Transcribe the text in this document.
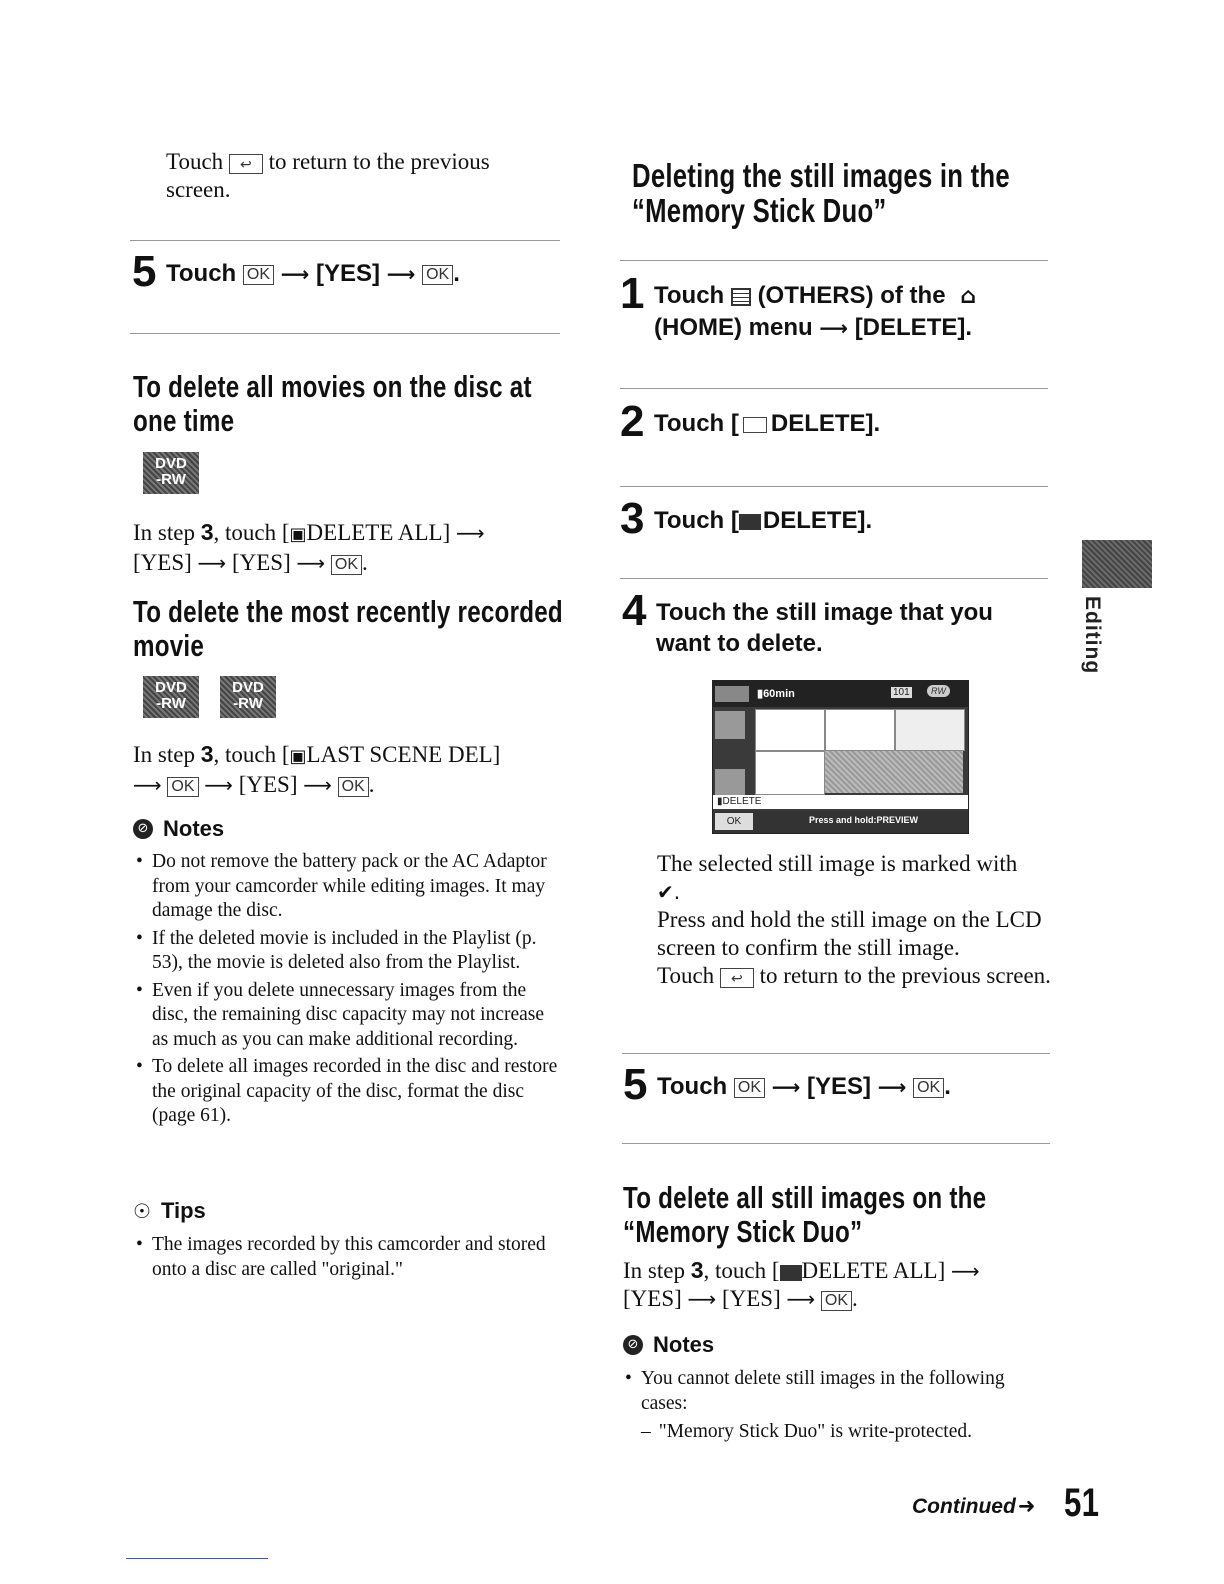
Touch ↩ to return to the previous screen.
5 Touch OK ⟶ [YES] ⟶ OK .
To delete all movies on the disc at one time
DVD
-RW
In step 3, touch [▣DELETE ALL] ⟶
[YES] ⟶ [YES] ⟶ OK .
To delete the most recently recorded movie
DVD
-RW
DVD
-RW
In step 3, touch [▣LAST SCENE DEL]
⟶ OK ⟶ [YES] ⟶ OK .
⊘ Notes
• Do not remove the battery pack or the AC Adaptor from your camcorder while editing images. It may damage the disc.
• If the deleted movie is included in the Playlist (p. 53), the movie is deleted also from the Playlist.
• Even if you delete unnecessary images from the disc, the remaining disc capacity may not increase as much as you can make additional recording.
• To delete all images recorded in the disc and restore the original capacity of the disc, format the disc (page 61).
☉ Tips
• The images recorded by this camcorder and stored onto a disc are called "original."
Deleting the still images in the “Memory Stick Duo”
1 Touch (OTHERS) of the ⌂
(HOME) menu ⟶ [DELETE].
2 Touch [ DELETE].
3 Touch [ DELETE].
4 Touch the still image that you want to delete.
▮60min	101	RW
▮DELETE
OK	Press and hold:PREVIEW
The selected still image is marked with
✔.
Press and hold the still image on the LCD screen to confirm the still image.
Touch ↩ to return to the previous screen.
5 Touch OK ⟶ [YES] ⟶ OK .
To delete all still images on the “Memory Stick Duo”
In step 3, touch [ DELETE ALL] ⟶
[YES] ⟶ [YES] ⟶ OK .
⊘ Notes
• You cannot delete still images in the following cases:
– "Memory Stick Duo" is write-protected.
Editing
Continued➜ 51
